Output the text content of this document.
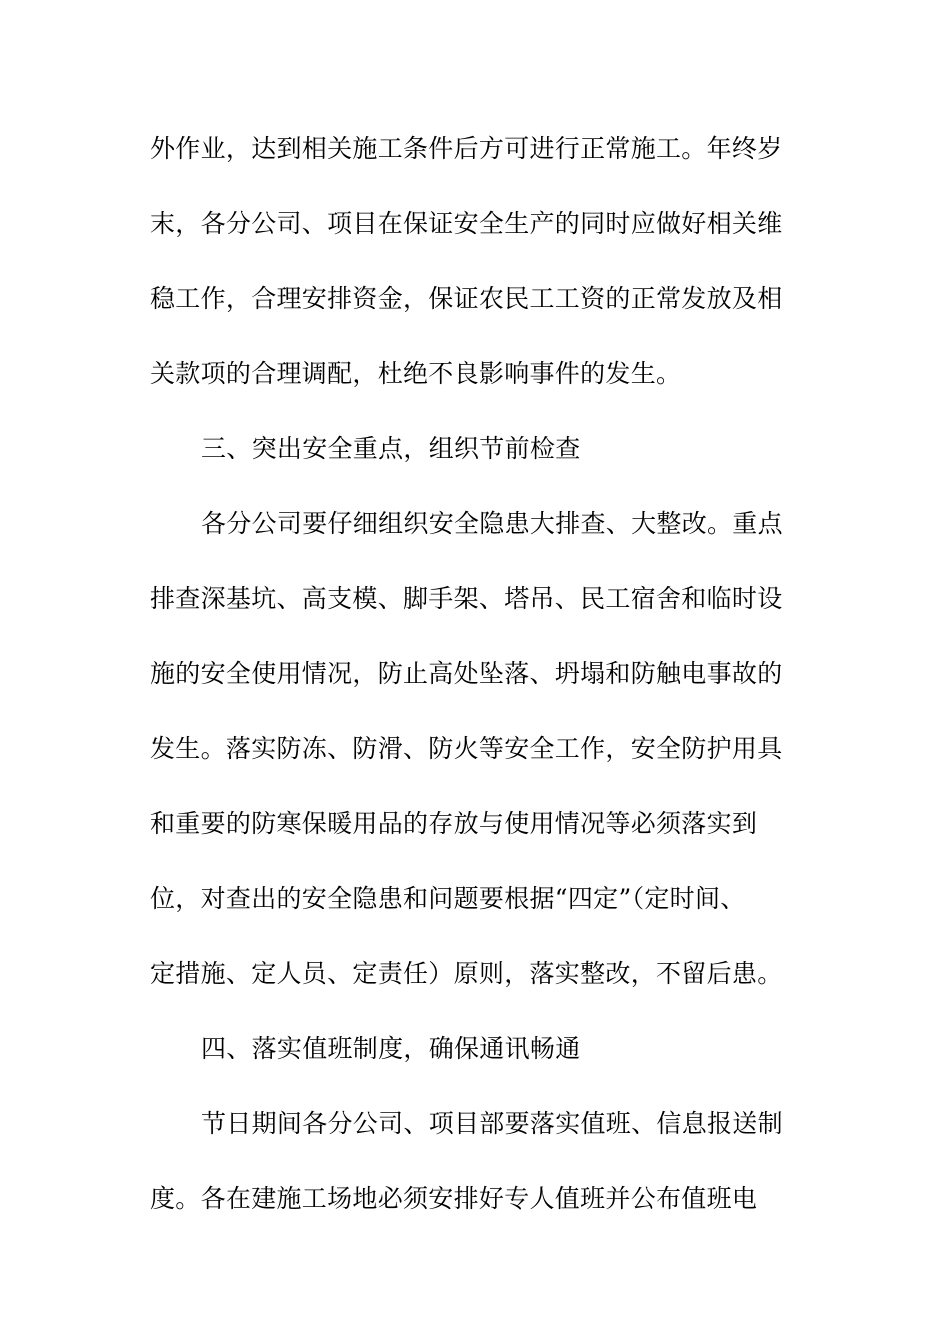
外作业，达到相关施工条件后方可进行正常施工。年终岁
末，各分公司、项目在保证安全生产的同时应做好相关维
稳工作，合理安排资金，保证农民工工资的正常发放及相
关款项的合理调配，杜绝不良影响事件的发生。
三、突出安全重点，组织节前检查
各分公司要仔细组织安全隐患大排查、大整改。重点
排查深基坑、高支模、脚手架、塔吊、民工宿舍和临时设
施的安全使用情况，防止高处坠落、坍塌和防触电事故的
发生。落实防冻、防滑、防火等安全工作，安全防护用具
和重要的防寒保暖用品的存放与使用情况等必须落实到
位，对查出的安全隐患和问题要根据“四定”（定时间、
定措施、定人员、定责任）原则，落实整改，不留后患。
四、落实值班制度，确保通讯畅通
节日期间各分公司、项目部要落实值班、信息报送制
度。各在建施工场地必须安排好专人值班并公布值班电
